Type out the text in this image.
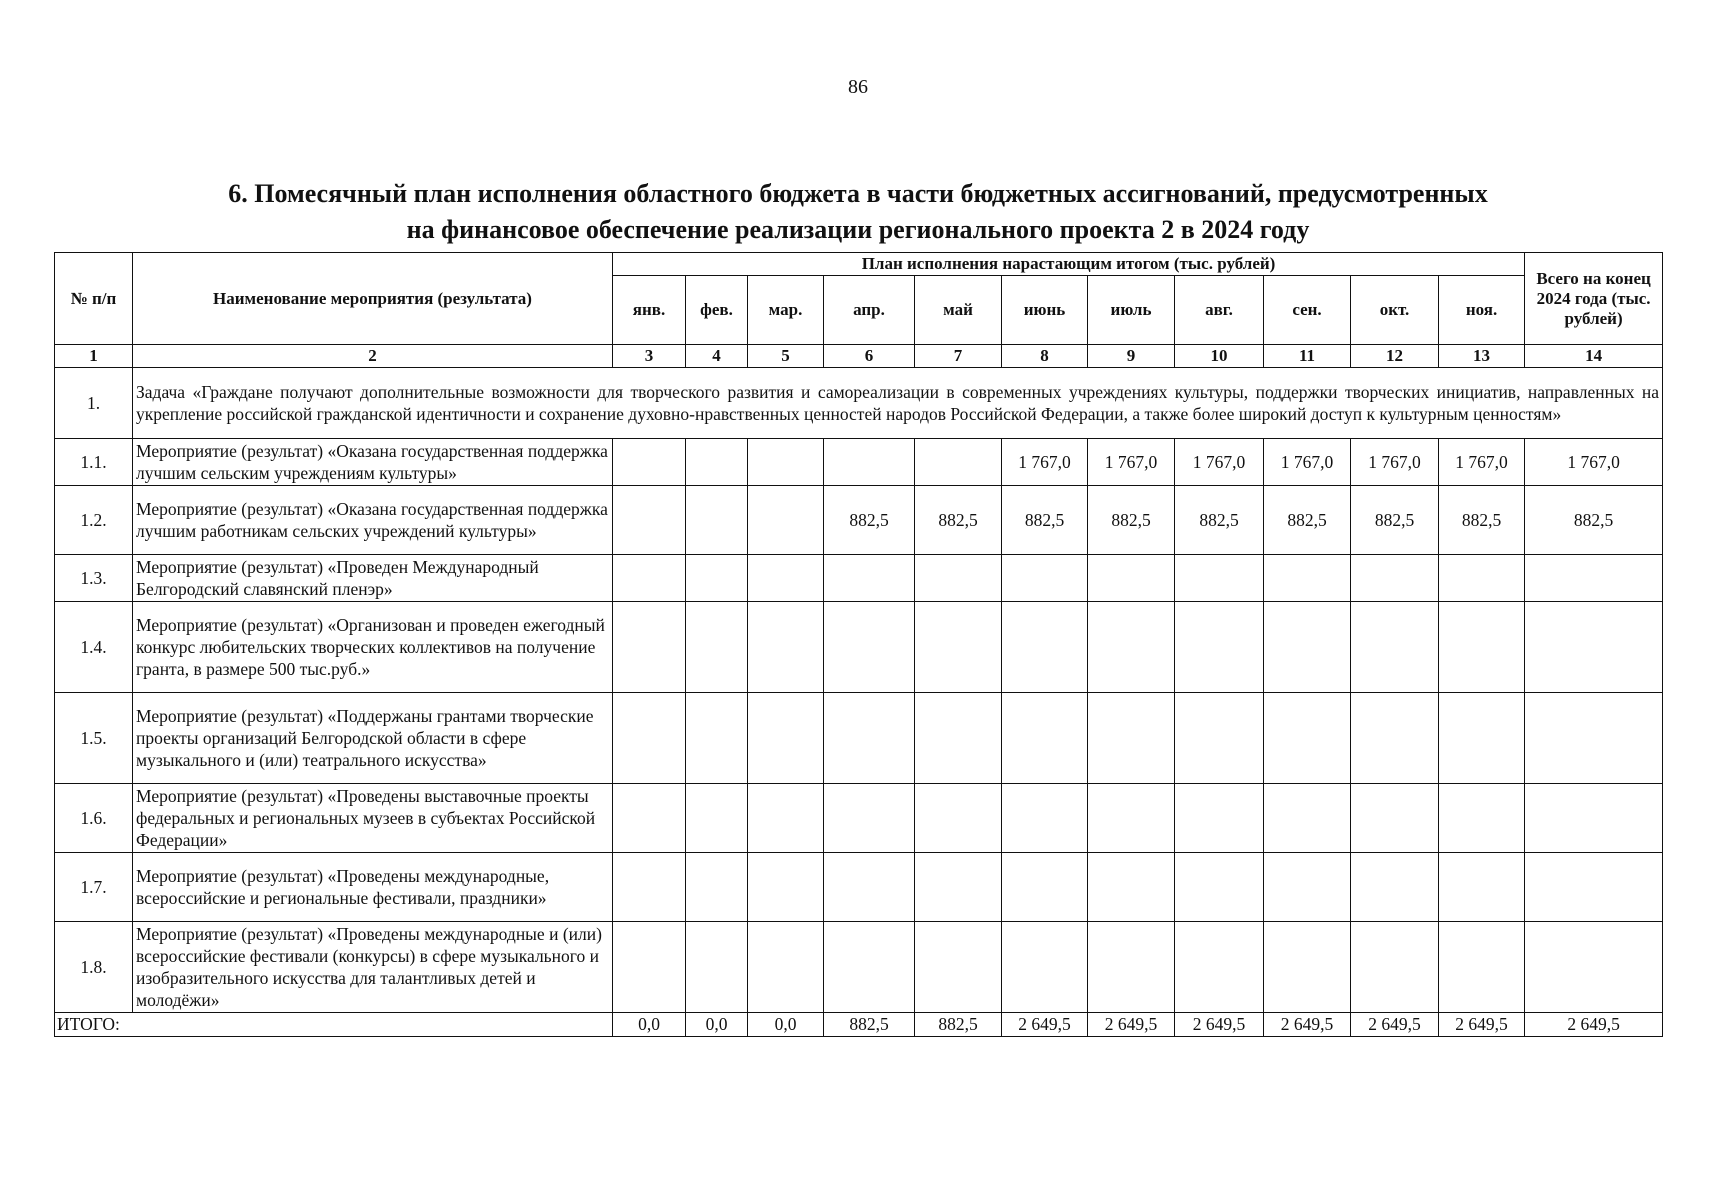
86
6. Помесячный план исполнения областного бюджета в части бюджетных ассигнований, предусмотренных
на финансовое обеспечение реализации регионального проекта 2 в 2024 году
№ п/п	Наименование мероприятия (результата)	План исполнения нарастающим итогом (тыс. рублей)											Всего на конец 2024 года (тыс. рублей)
		янв.	фев.	мар.	апр.	май	июнь	июль	авг.	сен.	окт.	ноя.	
1	2	3	4	5	6	7	8	9	10	11	12	13	14
1.	Задача «Граждане получают дополнительные возможности для творческого развития и самореализации в современных учреждениях культуры, поддержки творческих инициатив, направленных на укрепление российской гражданской идентичности и сохранение духовно-нравственных ценностей народов Российской Федерации, а также более широкий доступ к культурным ценностям»												
1.1.	Мероприятие (результат) «Оказана государственная поддержка лучшим сельским учреждениям культуры»						1 767,0	1 767,0	1 767,0	1 767,0	1 767,0	1 767,0	1 767,0
1.2.	Мероприятие (результат) «Оказана государственная поддержка лучшим работникам сельских учреждений культуры»				882,5	882,5	882,5	882,5	882,5	882,5	882,5	882,5	882,5
1.3.	Мероприятие (результат) «Проведен Международный Белгородский славянский пленэр»												
1.4.	Мероприятие (результат) «Организован и проведен ежегодный конкурс любительских творческих коллективов на получение гранта, в размере 500 тыс.руб.»												
1.5.	Мероприятие (результат) «Поддержаны грантами творческие проекты организаций Белгородской области в сфере музыкального и (или) театрального искусства»												
1.6.	Мероприятие (результат) «Проведены выставочные проекты федеральных и региональных музеев в субъектах Российской Федерации»												
1.7.	Мероприятие (результат) «Проведены международные, всероссийские и региональные фестивали, праздники»												
1.8.	Мероприятие (результат) «Проведены международные и (или) всероссийские фестивали (конкурсы) в сфере музыкального и изобразительного искусства для талантливых детей и молодёжи»												
ИТОГО:		0,0	0,0	0,0	882,5	882,5	2 649,5	2 649,5	2 649,5	2 649,5	2 649,5	2 649,5	2 649,5
